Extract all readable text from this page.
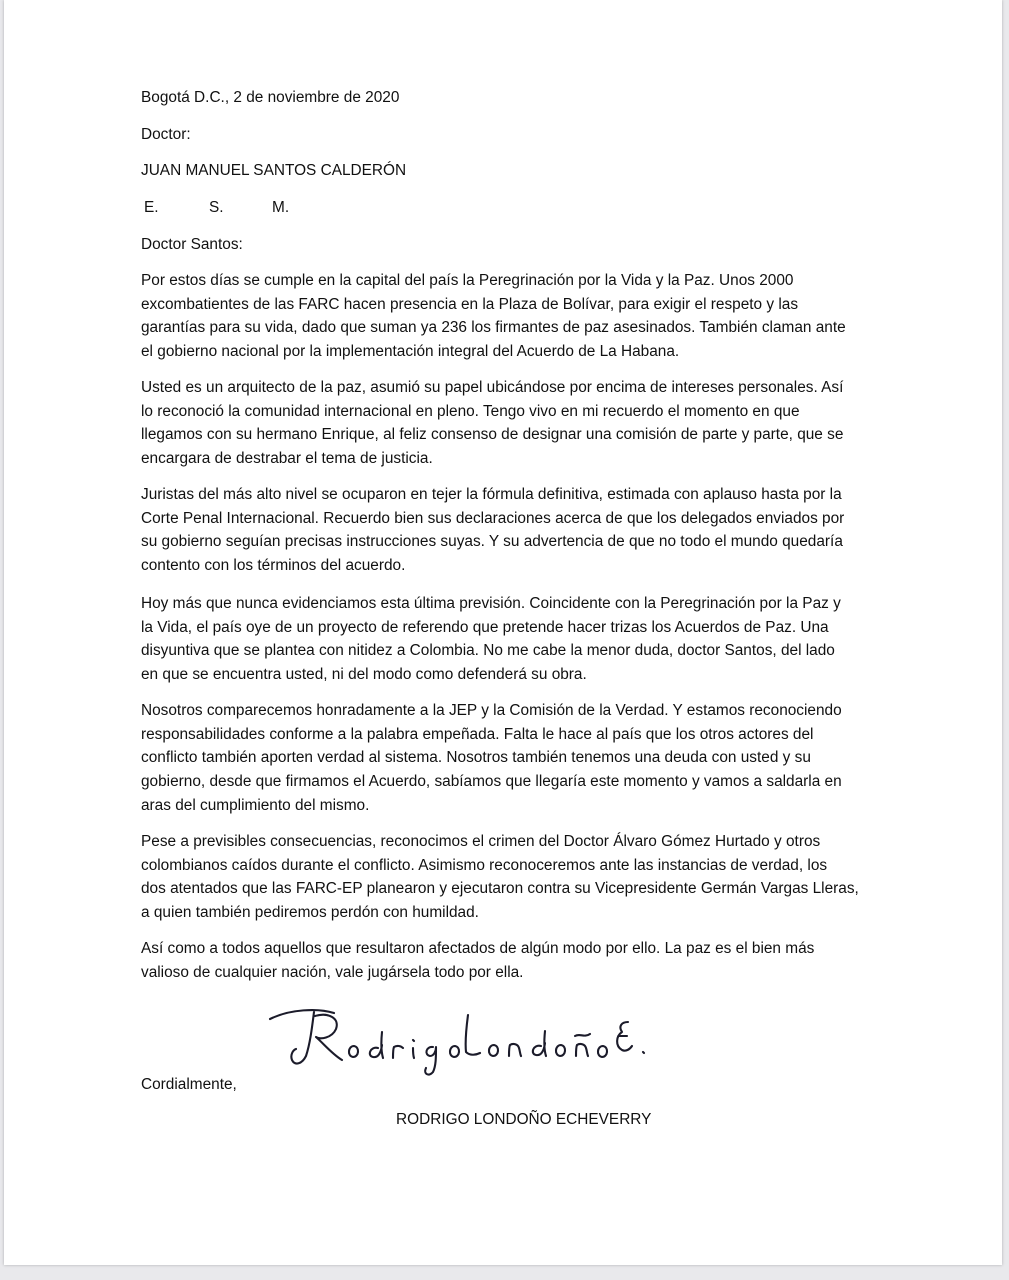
Bogotá D.C., 2 de noviembre de 2020
Doctor:
JUAN MANUEL SANTOS CALDERÓN
E.	S.	M.
Doctor Santos:
Por estos días se cumple en la capital del país la Peregrinación por la Vida y la Paz. Unos 2000
excombatientes de las FARC hacen presencia en la Plaza de Bolívar, para exigir el respeto y las
garantías para su vida, dado que suman ya 236 los firmantes de paz asesinados. También claman ante
el gobierno nacional por la implementación integral del Acuerdo de La Habana.
Usted es un arquitecto de la paz, asumió su papel ubicándose por encima de intereses personales. Así
lo reconoció la comunidad internacional en pleno. Tengo vivo en mi recuerdo el momento en que
llegamos con su hermano Enrique, al feliz consenso de designar una comisión de parte y parte, que se
encargara de destrabar el tema de justicia.
Juristas del más alto nivel se ocuparon en tejer la fórmula definitiva, estimada con aplauso hasta por la
Corte Penal Internacional. Recuerdo bien sus declaraciones acerca de que los delegados enviados por
su gobierno seguían precisas instrucciones suyas. Y su advertencia de que no todo el mundo quedaría
contento con los términos del acuerdo.
Hoy más que nunca evidenciamos esta última previsión. Coincidente con la Peregrinación por la Paz y
la Vida, el país oye de un proyecto de referendo que pretende hacer trizas los Acuerdos de Paz. Una
disyuntiva que se plantea con nitidez a Colombia. No me cabe la menor duda, doctor Santos, del lado
en que se encuentra usted, ni del modo como defenderá su obra.
Nosotros comparecemos honradamente a la JEP y la Comisión de la Verdad. Y estamos reconociendo
responsabilidades conforme a la palabra empeñada. Falta le hace al país que los otros actores del
conflicto también aporten verdad al sistema. Nosotros también tenemos una deuda con usted y su
gobierno, desde que firmamos el Acuerdo, sabíamos que llegaría este momento y vamos a saldarla en
aras del cumplimiento del mismo.
Pese a previsibles consecuencias, reconocimos el crimen del Doctor Álvaro Gómez Hurtado y otros
colombianos caídos durante el conflicto. Asimismo reconoceremos ante las instancias de verdad, los
dos atentados que las FARC-EP planearon y ejecutaron contra su Vicepresidente Germán Vargas Lleras,
a quien también pediremos perdón con humildad.
Así como a todos aquellos que resultaron afectados de algún modo por ello. La paz es el bien más
valioso de cualquier nación, vale jugársela todo por ella.
Cordialmente,
RODRIGO LONDOÑO ECHEVERRY
